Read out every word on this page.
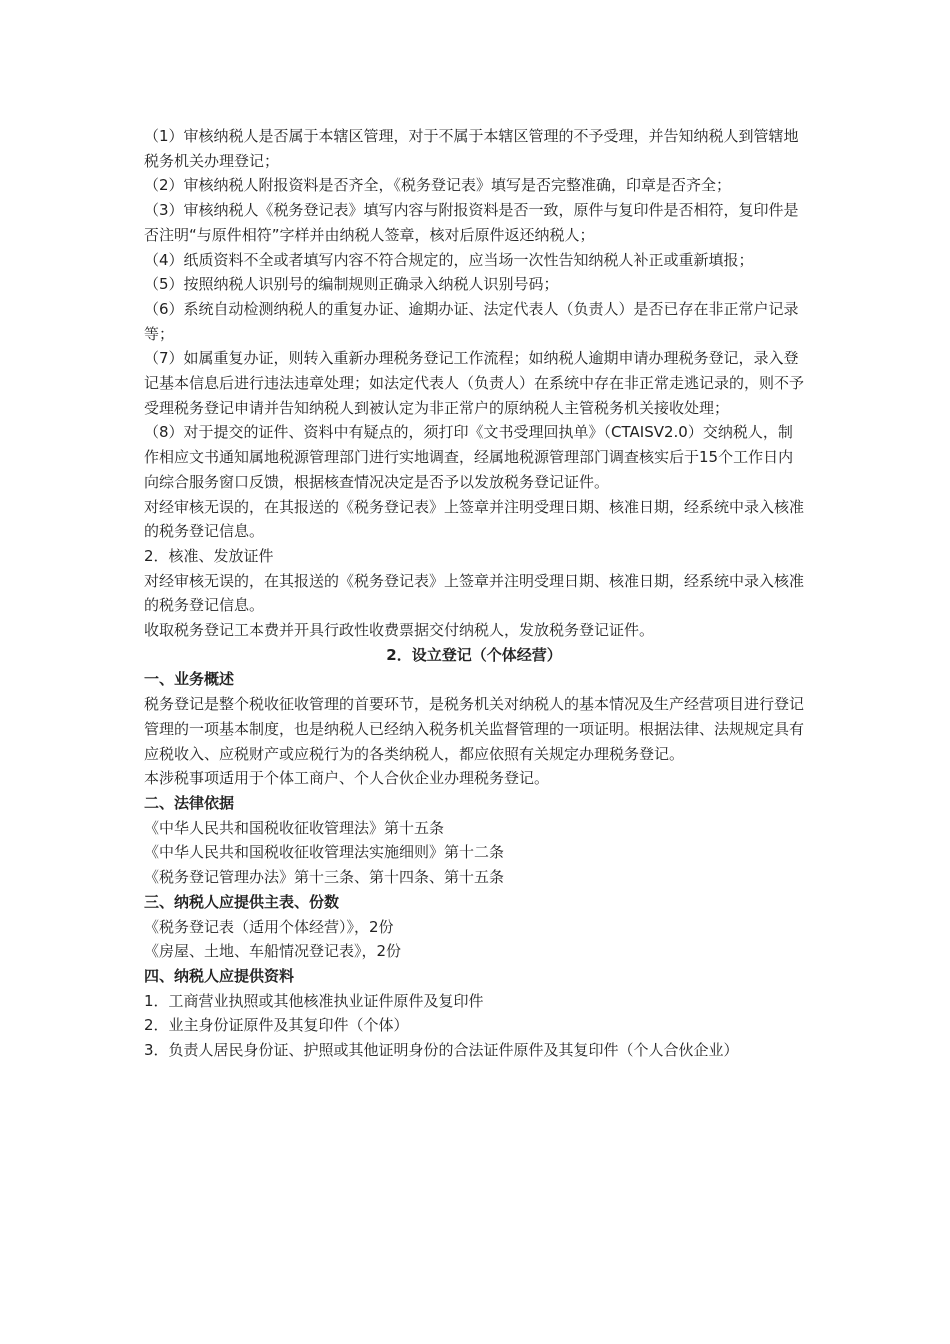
（1）审核纳税人是否属于本辖区管理，对于不属于本辖区管理的不予受理，并告知纳税人到管辖地税务机关办理登记；

（2）审核纳税人附报资料是否齐全，《税务登记表》填写是否完整准确，印章是否齐全；

（3）审核纳税人《税务登记表》填写内容与附报资料是否一致，原件与复印件是否相符，复印件是否注明“与原件相符”字样并由纳税人签章，核对后原件返还纳税人；

（4）纸质资料不全或者填写内容不符合规定的，应当场一次性告知纳税人补正或重新填报；

（5）按照纳税人识别号的编制规则正确录入纳税人识别号码；

（6）系统自动检测纳税人的重复办证、逾期办证、法定代表人（负责人）是否已存在非正常户记录等；

（7）如属重复办证，则转入重新办理税务登记工作流程；如纳税人逾期申请办理税务登记，录入登记基本信息后进行违法违章处理；如法定代表人（负责人）在系统中存在非正常走逃记录的，则不予受理税务登记申请并告知纳税人到被认定为非正常户的原纳税人主管税务机关接收处理；

（8）对于提交的证件、资料中有疑点的，须打印《文书受理回执单》（CTAISV2.0）交纳税人，制作相应文书通知属地税源管理部门进行实地调查，经属地税源管理部门调查核实后于15个工作日内向综合服务窗口反馈，根据核查情况决定是否予以发放税务登记证件。

对经审核无误的，在其报送的《税务登记表》上签章并注明受理日期、核准日期，经系统中录入核准的税务登记信息。

2．核准、发放证件

对经审核无误的，在其报送的《税务登记表》上签章并注明受理日期、核准日期，经系统中录入核准的税务登记信息。

收取税务登记工本费并开具行政性收费票据交付纳税人，发放税务登记证件。

2．设立登记（个体经营）

一、业务概述

税务登记是整个税收征收管理的首要环节，是税务机关对纳税人的基本情况及生产经营项目进行登记管理的一项基本制度，也是纳税人已经纳入税务机关监督管理的一项证明。根据法律、法规规定具有应税收入、应税财产或应税行为的各类纳税人，都应依照有关规定办理税务登记。

本涉税事项适用于个体工商户、个人合伙企业办理税务登记。

二、法律依据

《中华人民共和国税收征收管理法》第十五条

《中华人民共和国税收征收管理法实施细则》第十二条

《税务登记管理办法》第十三条、第十四条、第十五条

三、纳税人应提供主表、份数

《税务登记表（适用个体经营）》，2份

《房屋、土地、车船情况登记表》，2份

四、纳税人应提供资料

1．工商营业执照或其他核准执业证件原件及复印件

2．业主身份证原件及其复印件（个体）

3．负责人居民身份证、护照或其他证明身份的合法证件原件及其复印件（个人合伙企业）
